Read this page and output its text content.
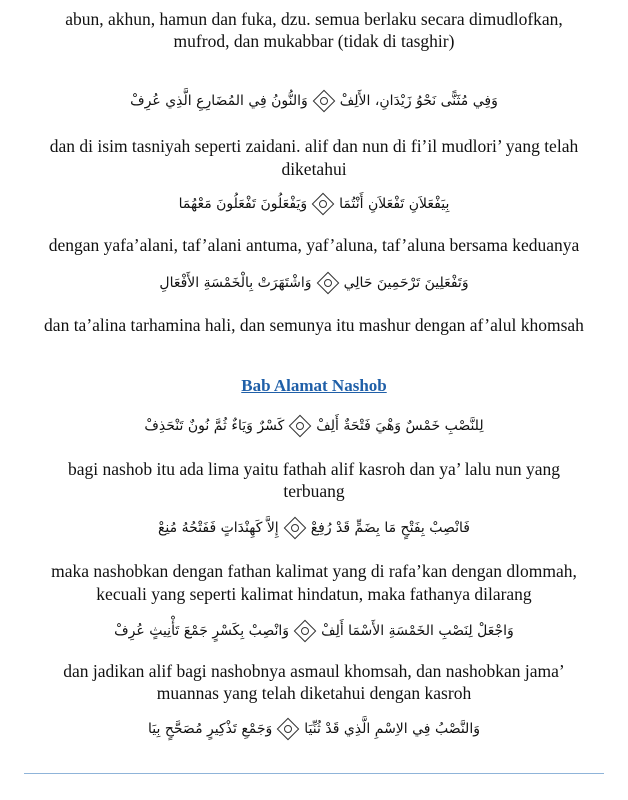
abun, akhun, hamun dan fuka, dzu. semua berlaku secara dimudlofkan,
mufrod, dan mukabbar (tidak di tasghir)
وَفِي مُثَنًّى نَحْوُ زَيْدَانِ، الأَلِفْوَالنُّونُ فِي المُضَارِعِ الَّذِي عُرِفْ
dan di isim tasniyah seperti zaidani. alif dan nun di fi’il mudlori’ yang telah
diketahui
بِيَفْعَلاَنِ تَفْعَلاَنِ أَنْتُمَاوَيَفْعَلُونَ تَفْعَلُونَ مَعْهُمَا
dengan yafa’alani, taf’alani antuma, yaf’aluna, taf’aluna bersama keduanya
وَتَفْعَلِينَ تَرْحَمِينَ حَالِيوَاشْتَهَرَتْ بِالْخَمْسَةِ الأَفْعَالِ
dan ta’alina tarhamina hali, dan semunya itu mashur dengan af’alul khomsah
Bab Alamat Nashob
لِلنَّصْبِ خَمْسٌ وَهْيَ فَتْحَةٌ أَلِفْكَسْرٌ وَيَاءٌ ثُمَّ نُونٌ تَنْحَذِفْ
bagi nashob itu ada lima yaitu fathah alif kasroh dan ya’ lalu nun yang
terbuang
فَانْصِبْ بِفَتْحٍ مَا بِضَمٍّ قَدْ رُفِعْإِلاَّ كَهِنْدَاتٍ فَفَتْحُهُ مُنِعْ
maka nashobkan dengan fathan kalimat yang di rafa’kan dengan dlommah,
kecuali yang seperti kalimat hindatun, maka fathanya dilarang
وَاجْعَلْ لِنَصْبِ الخَمْسَةِ الأَسْمَا أَلِفْوَانْصِبْ بِكَسْرٍ جَمْعَ تَأْنِيثٍ عُرِفْ
dan jadikan alif bagi nashobnya asmaul khomsah, dan nashobkan jama’
muannas yang telah diketahui dengan kasroh
وَالنَّصْبُ فِي الاِسْمِ الَّذِي قَدْ ثُنِّيَاوَجَمْعِ تَذْكِيرٍ مُصَحَّحٍ بِيَا
